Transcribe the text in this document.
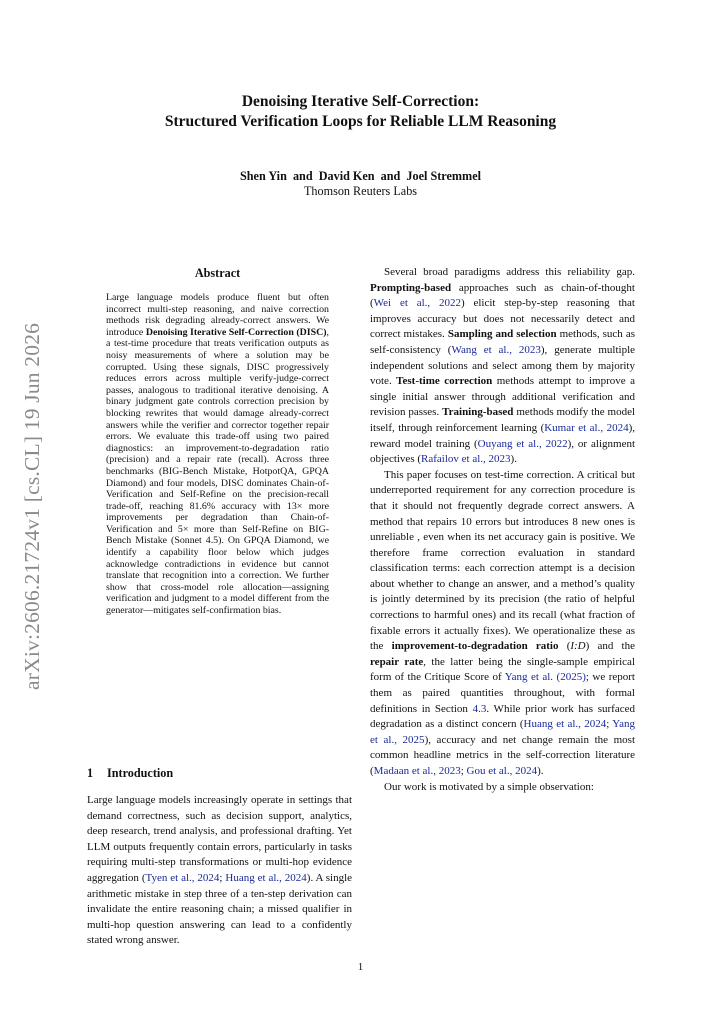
Denoising Iterative Self-Correction:
Structured Verification Loops for Reliable LLM Reasoning
Shen Yin and David Ken and Joel Stremmel
Thomson Reuters Labs
arXiv:2606.21724v1 [cs.CL] 19 Jun 2026
Abstract

Large language models produce fluent but often incorrect multi-step reasoning, and naive correction methods risk degrading already-correct answers. We introduce Denoising Iterative Self-Correction (DISC), a test-time procedure that treats verification outputs as noisy measurements of where a solution may be corrupted. Using these signals, DISC progressively reduces errors across multiple verify-judge-correct passes, analogous to traditional iterative denoising. A binary judgment gate controls correction precision by blocking rewrites that would damage already-correct answers while the verifier and corrector together repair errors. We evaluate this trade-off using two paired diagnostics: an improvement-to-degradation ratio (precision) and a repair rate (recall). Across three benchmarks (BIG-Bench Mistake, HotpotQA, GPQA Diamond) and four models, DISC dominates Chain-of-Verification and Self-Refine on the precision-recall trade-off, reaching 81.6% accuracy with 13× more improvements per degradation than Chain-of-Verification and 5× more than Self-Refine on BIG-Bench Mistake (Sonnet 4.5). On GPQA Diamond, we identify a capability floor below which judges acknowledge contradictions in evidence but cannot translate that recognition into a correction. We further show that cross-model role allocation—assigning verification and judgment to a model different from the generator—mitigates self-confirmation bias.

1 Introduction

Large language models increasingly operate in settings that demand correctness, such as decision support, analytics, deep research, trend analysis, and professional drafting. Yet LLM outputs frequently contain errors, particularly in tasks requiring multi-step transformations or multi-hop evidence aggregation (Tyen et al., 2024; Huang et al., 2024). A single arithmetic mistake in step three of a ten-step derivation can invalidate the entire reasoning chain; a missed qualifier in multi-hop question answering can lead to a confidently stated wrong answer.

Several broad paradigms address this reliability gap. Prompting-based approaches such as chain-of-thought (Wei et al., 2022) elicit step-by-step reasoning that improves accuracy but does not necessarily detect and correct mistakes. Sampling and selection methods, such as self-consistency (Wang et al., 2023), generate multiple independent solutions and select among them by majority vote. Test-time correction methods attempt to improve a single initial answer through additional verification and revision passes. Training-based methods modify the model itself, through reinforcement learning (Kumar et al., 2024), reward model training (Ouyang et al., 2022), or alignment objectives (Rafailov et al., 2023).

This paper focuses on test-time correction. A critical but underreported requirement for any correction procedure is that it should not frequently degrade correct answers. A method that repairs 10 errors but introduces 8 new ones is unreliable , even when its net accuracy gain is positive. We therefore frame correction evaluation in standard classification terms: each correction attempt is a decision about whether to change an answer, and a method’s quality is jointly determined by its precision (the ratio of helpful corrections to harmful ones) and its recall (what fraction of fixable errors it actually fixes). We operationalize these as the improvement-to-degradation ratio (I:D) and the repair rate, the latter being the single-sample empirical form of the Critique Score of Yang et al. (2025); we report them as paired quantities throughout, with formal definitions in Section 4.3. While prior work has surfaced degradation as a distinct concern (Huang et al., 2024; Yang et al., 2025), accuracy and net change remain the most common headline metrics in the self-correction literature (Madaan et al., 2023; Gou et al., 2024).

Our work is motivated by a simple observation:

1
